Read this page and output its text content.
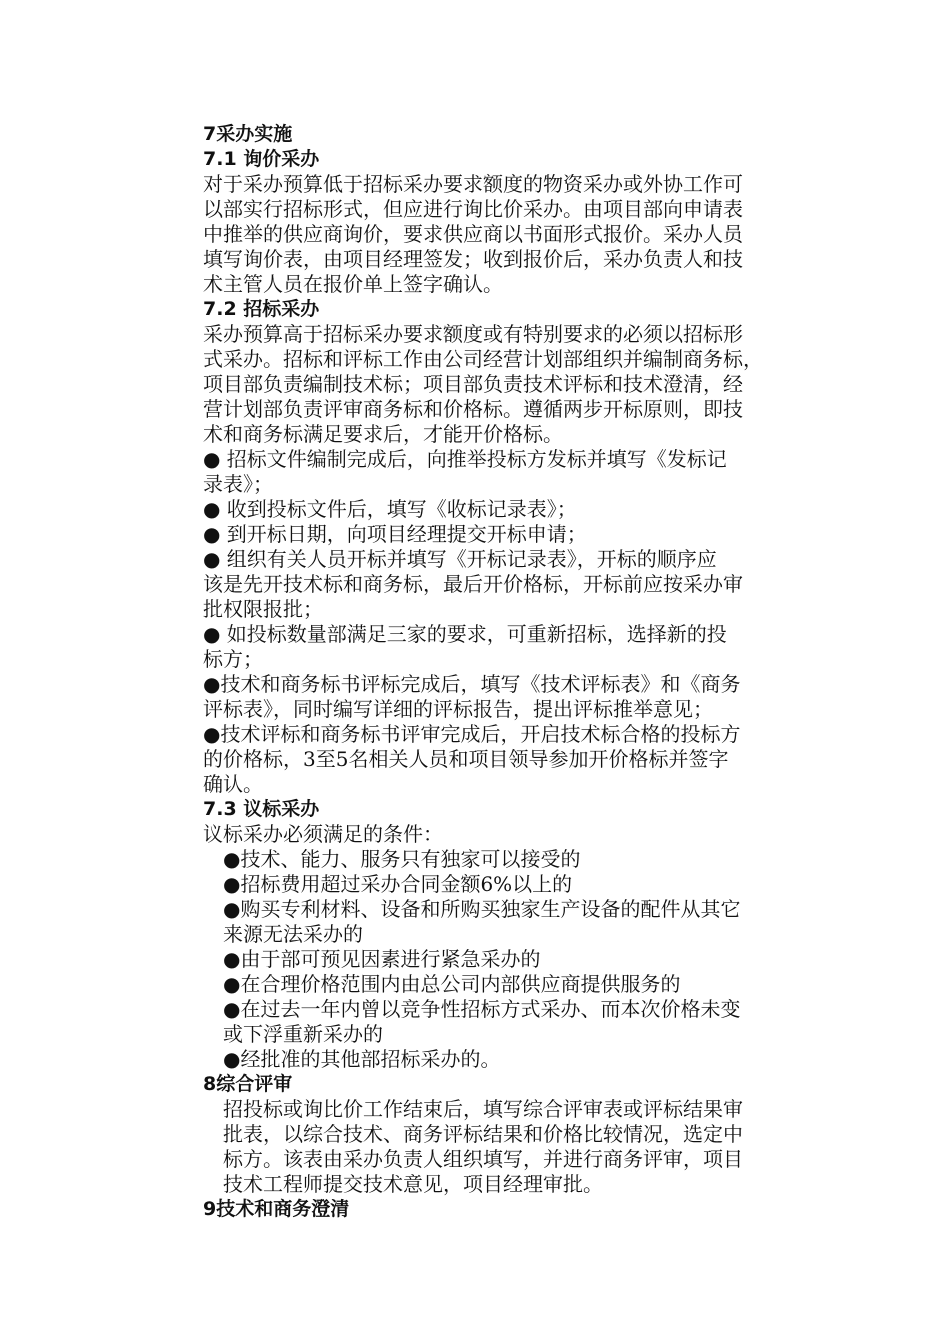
7采办实施
7.1 询价采办
对于采办预算低于招标采办要求额度的物资采办或外协工作可
以部实行招标形式，但应进行询比价采办。由项目部向申请表
中推举的供应商询价，要求供应商以书面形式报价。采办人员
填写询价表，由项目经理签发；收到报价后，采办负责人和技
术主管人员在报价单上签字确认。
7.2 招标采办
采办预算高于招标采办要求额度或有特别要求的必须以招标形
式采办。招标和评标工作由公司经营计划部组织并编制商务标，
项目部负责编制技术标；项目部负责技术评标和技术澄清，经
营计划部负责评审商务标和价格标。遵循两步开标原则，即技
术和商务标满足要求后，才能开价格标。
● 招标文件编制完成后，向推举投标方发标并填写《发标记
录表》；
● 收到投标文件后，填写《收标记录表》；
● 到开标日期，向项目经理提交开标申请；
● 组织有关人员开标并填写《开标记录表》，开标的顺序应
该是先开技术标和商务标，最后开价格标，开标前应按采办审
批权限报批；
● 如投标数量部满足三家的要求，可重新招标，选择新的投
标方；
●技术和商务标书评标完成后，填写《技术评标表》和《商务
评标表》，同时编写详细的评标报告，提出评标推举意见；
●技术评标和商务标书评审完成后，开启技术标合格的投标方
的价格标，3至5名相关人员和项目领导参加开价格标并签字
确认。
7.3 议标采办
议标采办必须满足的条件：
●技术、能力、服务只有独家可以接受的
●招标费用超过采办合同金额6%以上的
●购买专利材料、设备和所购买独家生产设备的配件从其它
来源无法采办的
●由于部可预见因素进行紧急采办的
●在合理价格范围内由总公司内部供应商提供服务的
●在过去一年内曾以竞争性招标方式采办、而本次价格未变
或下浮重新采办的
●经批准的其他部招标采办的。
8综合评审
招投标或询比价工作结束后，填写综合评审表或评标结果审
批表，以综合技术、商务评标结果和价格比较情况，选定中
标方。该表由采办负责人组织填写，并进行商务评审，项目
技术工程师提交技术意见，项目经理审批。
9技术和商务澄清
